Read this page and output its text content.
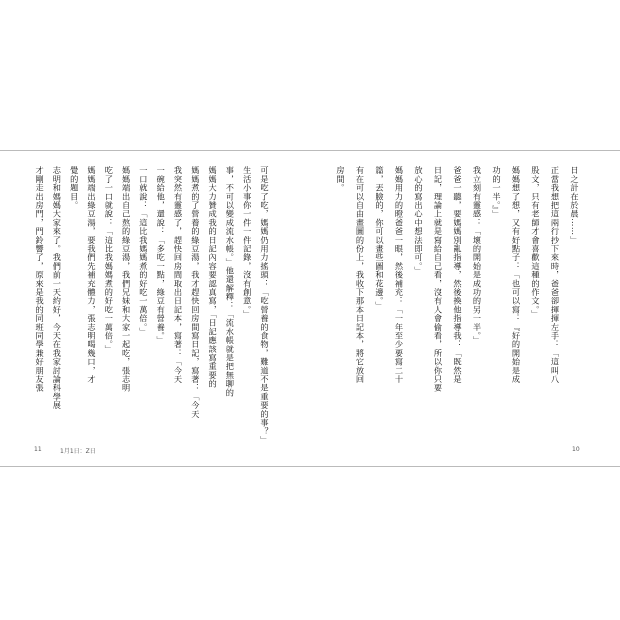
可是吃了吃，媽媽仍用力搖頭：「吃營養的食物，難道不是重要的事？」
生活小事你一件一件記錄，沒有創意。」
事，不可以變成流水帳。」他還解釋：「流水帳就是把無聊的
媽媽大力贊成我的日記內容要認真寫，「日記應該寫重要的
媽媽煮的了營養的綠豆湯，我才趕快回房間寫日記，寫著：「今天
我突然有靈感了，趕快回房間取出日記本，寫著：「今天
一碗給他，還說：「多吃一點，綠豆有營養。」
一口就說：「這比我媽媽煮的好吃一萬倍。」
媽媽端出自己熬的綠豆湯，我們兄妹和大家一起吃，張志明
吃了一口就說：「這比我媽媽煮的好吃一萬倍。」
媽媽端出綠豆湯，要我們先補充體力，張志明喝幾口，才
覺的題目。
志明和媽媽大家來了。我們前一天約好，今天在我家討論科學展
才剛走出房門，門鈴響了，原來是我的同班同學兼好朋友張
11	1月1日：Z日
日之計在於晨……」
正當我想把這兩行抄下來時，爸爸卻揮揮左手：「這叫八
股文，只有老師才會喜歡這種的作文。」
媽媽想了想，又有好點子：「也可以寫：『好的開始是成
功的一半。』」
我立刻有靈感：「壞的開始是成功的另一半。」
爸爸一聽，要媽媽別亂指導，然後換他指導我：「既然是
日記，理論上就是寫給自己看，沒有人會偷看，所以你只要
放心的寫出心中想法即可。」
媽媽用力的瞪爸爸一眼，然後補充：「一年至少要寫二十
篇，丟臉的，你可以畫些圖和花邊。」
有在可以自由畫圖的份上，我收下那本日記本，將它放回
房間。
10
